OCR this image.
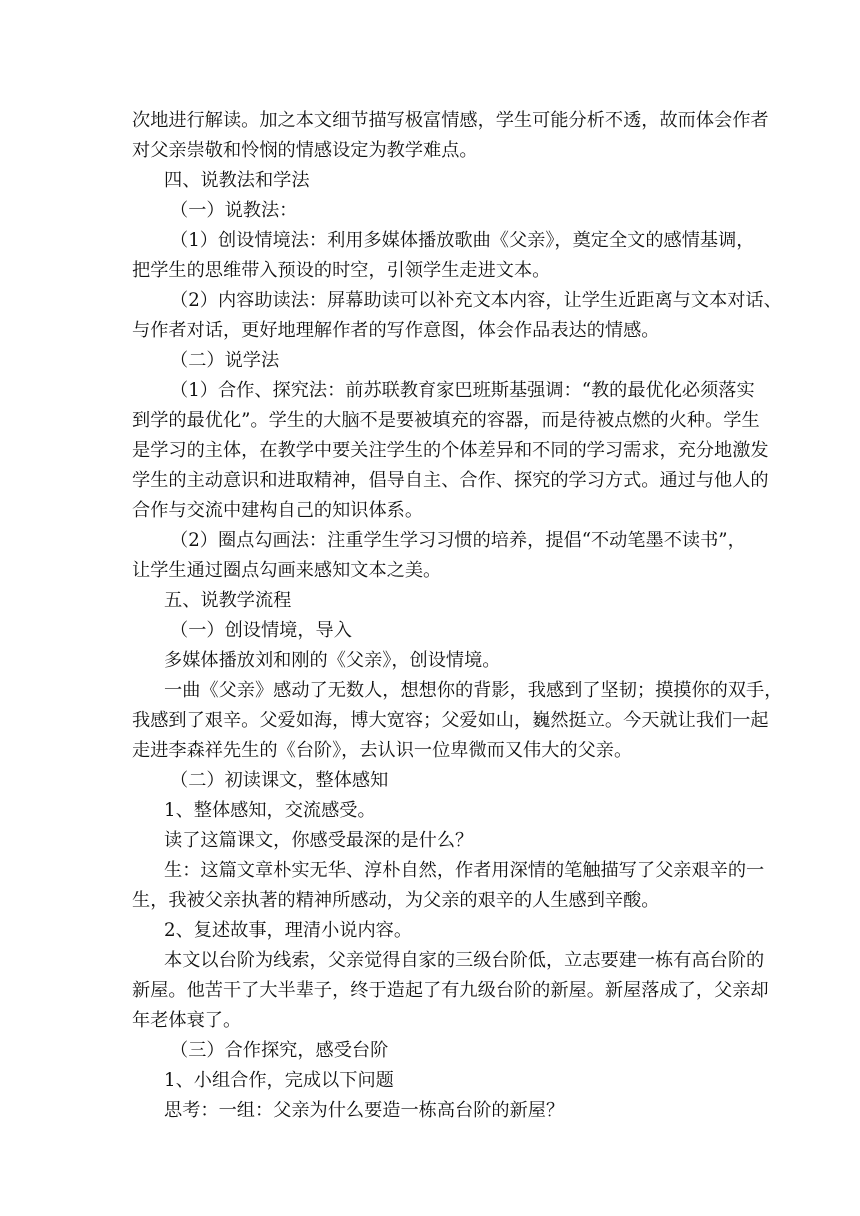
次地进行解读。加之本文细节描写极富情感，学生可能分析不透，故而体会作者
对父亲崇敬和怜悯的情感设定为教学难点。
四、说教法和学法
（一）说教法：
（1）创设情境法：利用多媒体播放歌曲《父亲》，奠定全文的感情基调，
把学生的思维带入预设的时空，引领学生走进文本。
（2）内容助读法：屏幕助读可以补充文本内容，让学生近距离与文本对话、
与作者对话，更好地理解作者的写作意图，体会作品表达的情感。
（二）说学法
（1）合作、探究法：前苏联教育家巴班斯基强调：“教的最优化必须落实
到学的最优化”。学生的大脑不是要被填充的容器，而是待被点燃的火种。学生
是学习的主体，在教学中要关注学生的个体差异和不同的学习需求，充分地激发
学生的主动意识和进取精神，倡导自主、合作、探究的学习方式。通过与他人的
合作与交流中建构自己的知识体系。
（2）圈点勾画法：注重学生学习习惯的培养，提倡“不动笔墨不读书”，
让学生通过圈点勾画来感知文本之美。
五、说教学流程
（一）创设情境，导入
多媒体播放刘和刚的《父亲》，创设情境。
一曲《父亲》感动了无数人，想想你的背影，我感到了坚韧；摸摸你的双手，
我感到了艰辛。父爱如海，博大宽容；父爱如山，巍然挺立。今天就让我们一起
走进李森祥先生的《台阶》，去认识一位卑微而又伟大的父亲。
（二）初读课文，整体感知
1、整体感知，交流感受。
读了这篇课文，你感受最深的是什么？
生：这篇文章朴实无华、淳朴自然，作者用深情的笔触描写了父亲艰辛的一
生，我被父亲执著的精神所感动，为父亲的艰辛的人生感到辛酸。
2、复述故事，理清小说内容。
本文以台阶为线索，父亲觉得自家的三级台阶低，立志要建一栋有高台阶的
新屋。他苦干了大半辈子，终于造起了有九级台阶的新屋。新屋落成了，父亲却
年老体衰了。
（三）合作探究，感受台阶
1、小组合作，完成以下问题
思考：一组：父亲为什么要造一栋高台阶的新屋？
